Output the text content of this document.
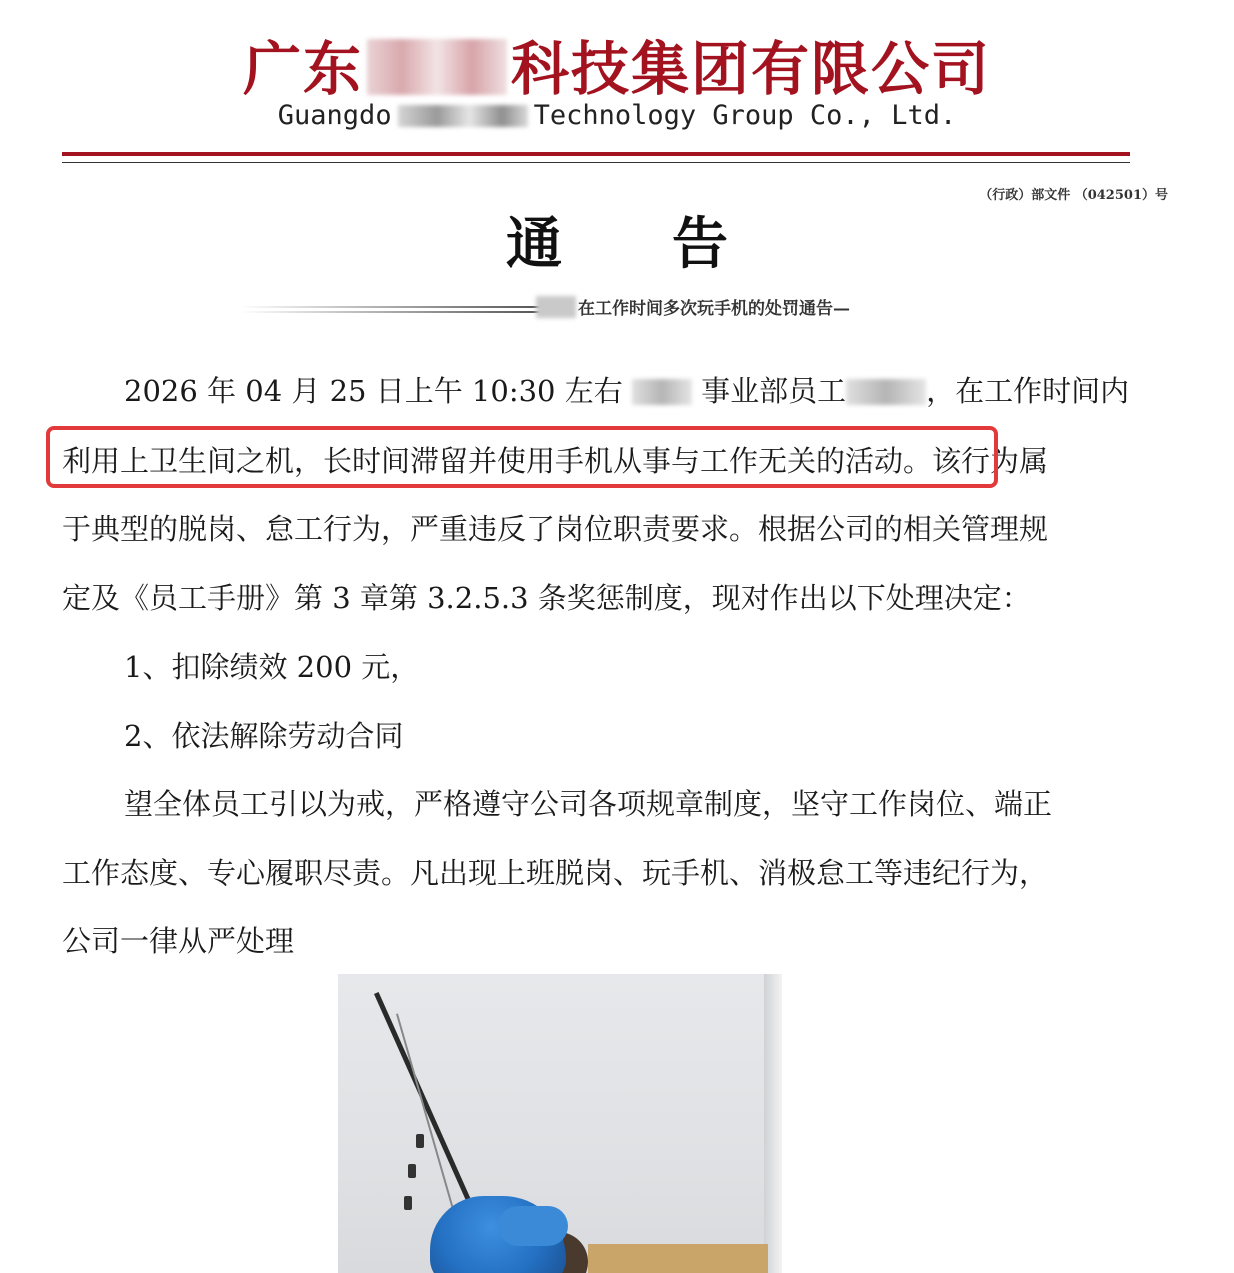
广东	科技集团有限公司
Guangdo	Technology Group Co., Ltd.
（行政）部文件 （042501）号
通告
在工作时间多次玩手机的处罚通告—
2026 年 04 月 25 日上午 10:30 左右	事业部员工	，在工作时间内
利用上卫生间之机，长时间滞留并使用手机从事与工作无关的活动。该行为属
于典型的脱岗、怠工行为，严重违反了岗位职责要求。根据公司的相关管理规
定及《员工手册》第 3 章第 3.2.5.3 条奖惩制度，现对作出以下处理决定：
1、扣除绩效 200 元，
2、依法解除劳动合同
望全体员工引以为戒，严格遵守公司各项规章制度，坚守工作岗位、端正
工作态度、专心履职尽责。凡出现上班脱岗、玩手机、消极怠工等违纪行为，
公司一律从严处理
